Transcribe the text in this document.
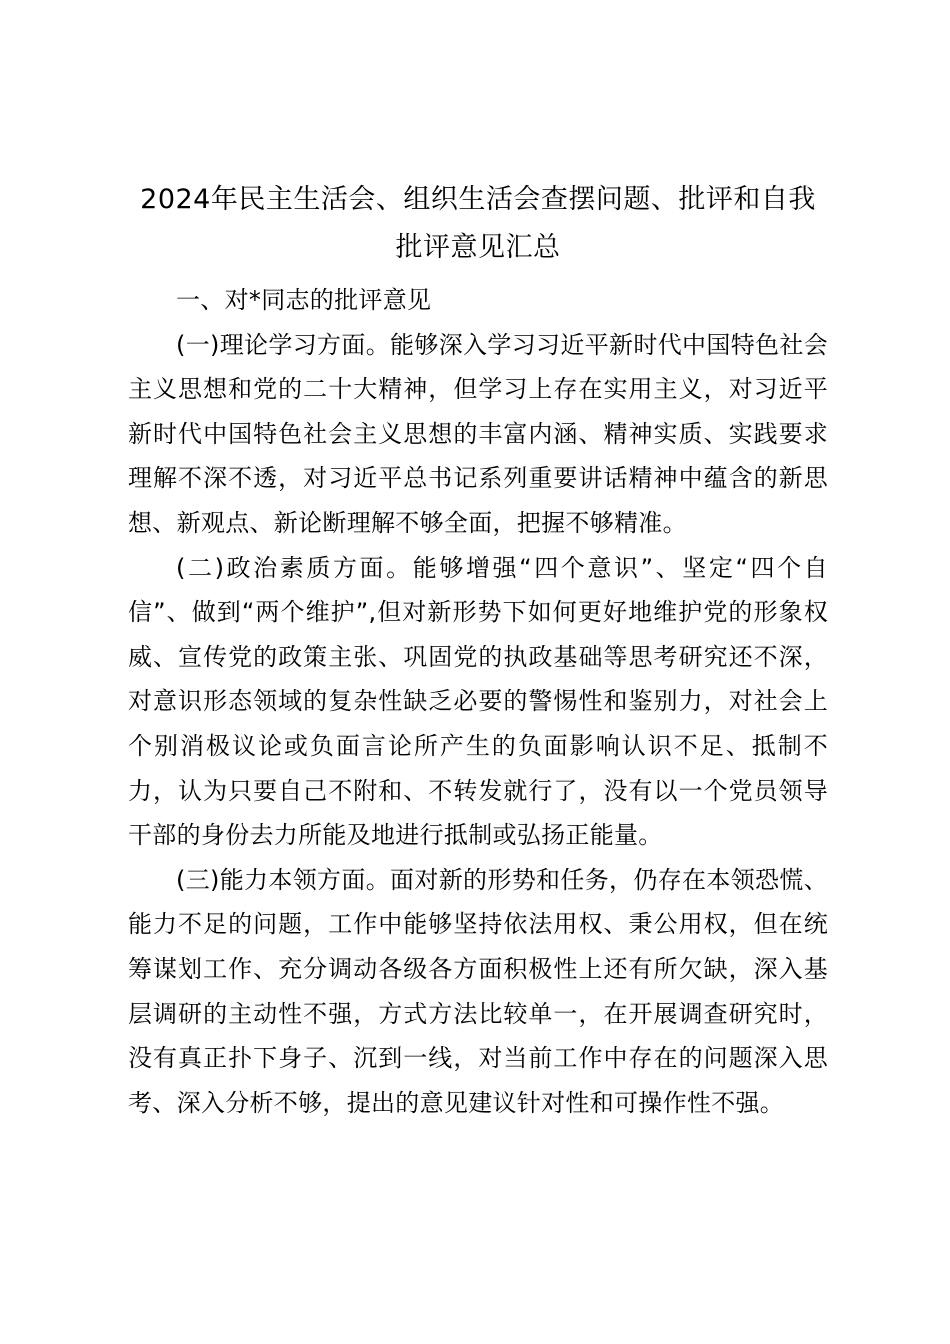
2024年民主生活会、组织生活会查摆问题、批评和自我批评意见汇总

一、对*同志的批评意见

(一)理论学习方面。能够深入学习习近平新时代中国特色社会主义思想和党的二十大精神，但学习上存在实用主义，对习近平新时代中国特色社会主义思想的丰富内涵、精神实质、实践要求理解不深不透，对习近平总书记系列重要讲话精神中蕴含的新思想、新观点、新论断理解不够全面，把握不够精准。

(二)政治素质方面。能够增强“四个意识”、坚定“四个自信”、做到“两个维护”,但对新形势下如何更好地维护党的形象权威、宣传党的政策主张、巩固党的执政基础等思考研究还不深，对意识形态领域的复杂性缺乏必要的警惕性和鉴别力，对社会上个别消极议论或负面言论所产生的负面影响认识不足、抵制不力，认为只要自己不附和、不转发就行了，没有以一个党员领导干部的身份去力所能及地进行抵制或弘扬正能量。

(三)能力本领方面。面对新的形势和任务，仍存在本领恐慌、能力不足的问题，工作中能够坚持依法用权、秉公用权，但在统筹谋划工作、充分调动各级各方面积极性上还有所欠缺，深入基层调研的主动性不强，方式方法比较单一，在开展调查研究时，没有真正扑下身子、沉到一线，对当前工作中存在的问题深入思考、深入分析不够，提出的意见建议针对性和可操作性不强。
